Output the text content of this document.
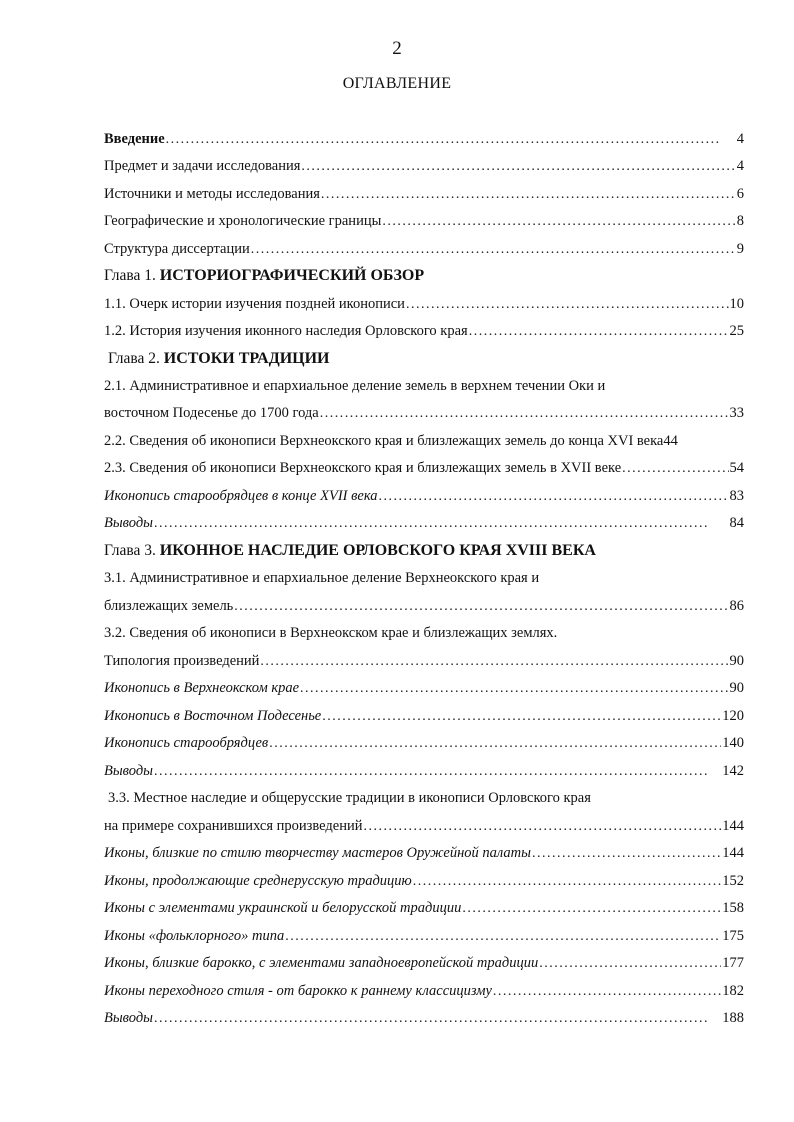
2
ОГЛАВЛЕНИЕ
Введение . . .	4
Предмет и задачи исследования . . .	4
Источники и методы исследования . . .	6
Географические и хронологические границы . . .	8
Структура диссертации . . .	9
Глава 1. ИСТОРИОГРАФИЧЕСКИЙ ОБЗОР
1.1. Очерк истории изучения поздней иконописи . . .	10
1.2. История изучения иконного наследия Орловского края . . .	25
Глава 2. ИСТОКИ ТРАДИЦИИ
2.1. Административное и епархиальное деление земель в верхнем течении Оки и
восточном Подесенье до 1700 года . . .	33
2.2. Сведения об иконописи Верхнеокского края и близлежащих земель до конца XVI века 44
2.3. Сведения об иконописи Верхнеокского края и близлежащих земель в XVII веке . . .	54
Иконопись старообрядцев в конце XVII века . . .	83
Выводы . . .	84
Глава 3. ИКОННОЕ НАСЛЕДИЕ ОРЛОВСКОГО КРАЯ XVIII ВЕКА
3.1. Административное и епархиальное деление Верхнеокского края и
близлежащих земель . . .	86
3.2. Сведения об иконописи в Верхнеокском крае и близлежащих землях.
Типология произведений . . .	90
Иконопись в Верхнеокском крае . . .	90
Иконопись в Восточном Подесенье . . .	120
Иконопись старообрядцев . . .	140
Выводы . . .	142
3.3. Местное наследие и общерусские традиции в иконописи Орловского края
на примере сохранившихся произведений . . .	144
Иконы, близкие по стилю творчеству мастеров Оружейной палаты . . .	144
Иконы, продолжающие среднерусскую традицию . . .	152
Иконы с элементами украинской и белорусской традиции . . .	158
Иконы «фольклорного» типа . . .	175
Иконы, близкие барокко, с элементами западноевропейской традиции . . .	177
Иконы переходного стиля - от барокко к раннему классицизму . . .	182
Выводы . . .	188
